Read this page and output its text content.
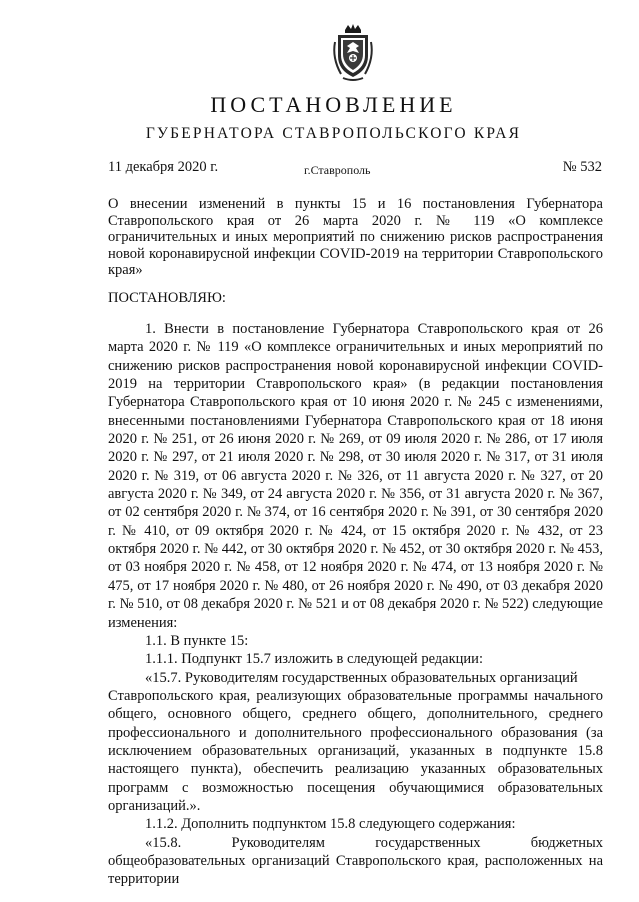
ПОСТАНОВЛЕНИЕ
ГУБЕРНАТОРА СТАВРОПОЛЬСКОГО КРАЯ
11 декабря 2020 г.	г.Ставрополь	№ 532
О внесении изменений в пункты 15 и 16 постановления Губернатора Ставропольского края от 26 марта 2020 г. № 119 «О комплексе ограничительных и иных мероприятий по снижению рисков распространения новой коронавирусной инфекции COVID-2019 на территории Ставропольского края»
ПОСТАНОВЛЯЮ:

1. Внести в постановление Губернатора Ставропольского края от 26 марта 2020 г. № 119 «О комплексе ограничительных и иных мероприятий по снижению рисков распространения новой коронавирусной инфекции COVID-2019 на территории Ставропольского края» (в редакции постановления Губернатора Ставропольского края от 10 июня 2020 г. № 245 с изменениями, внесенными постановлениями Губернатора Ставропольского края от 18 июня 2020 г. № 251, от 26 июня 2020 г. № 269, от 09 июля 2020 г. № 286, от 17 июля 2020 г. № 297, от 21 июля 2020 г. № 298, от 30 июля 2020 г. № 317, от 31 июля 2020 г. № 319, от 06 августа 2020 г. № 326, от 11 августа 2020 г. № 327, от 20 августа 2020 г. № 349, от 24 августа 2020 г. № 356, от 31 августа 2020 г. № 367, от 02 сентября 2020 г. № 374, от 16 сентября 2020 г. № 391, от 30 сентября 2020 г. № 410, от 09 октября 2020 г. № 424, от 15 октября 2020 г. № 432, от 23 октября 2020 г. № 442, от 30 октября 2020 г. № 452, от 30 октября 2020 г. № 453, от 03 ноября 2020 г. № 458, от 12 ноября 2020 г. № 474, от 13 ноября 2020 г. № 475, от 17 ноября 2020 г. № 480, от 26 ноября 2020 г. № 490, от 03 декабря 2020 г. № 510, от 08 декабря 2020 г. № 521 и от 08 декабря 2020 г. № 522) следующие изменения:

1.1. В пункте 15:

1.1.1. Подпункт 15.7 изложить в следующей редакции:

«15.7. Руководителям государственных образовательных организаций

Ставропольского края, реализующих образовательные программы начального общего, основного общего, среднего общего, дополнительного, среднего профессионального и дополнительного профессионального образования (за исключением образовательных организаций, указанных в подпункте 15.8 настоящего пункта), обеспечить реализацию указанных образовательных программ с возможностью посещения обучающимися образовательных организаций.».

1.1.2. Дополнить подпунктом 15.8 следующего содержания:

«15.8. Руководителям государственных бюджетных общеобразовательных организаций Ставропольского края, расположенных на территории
